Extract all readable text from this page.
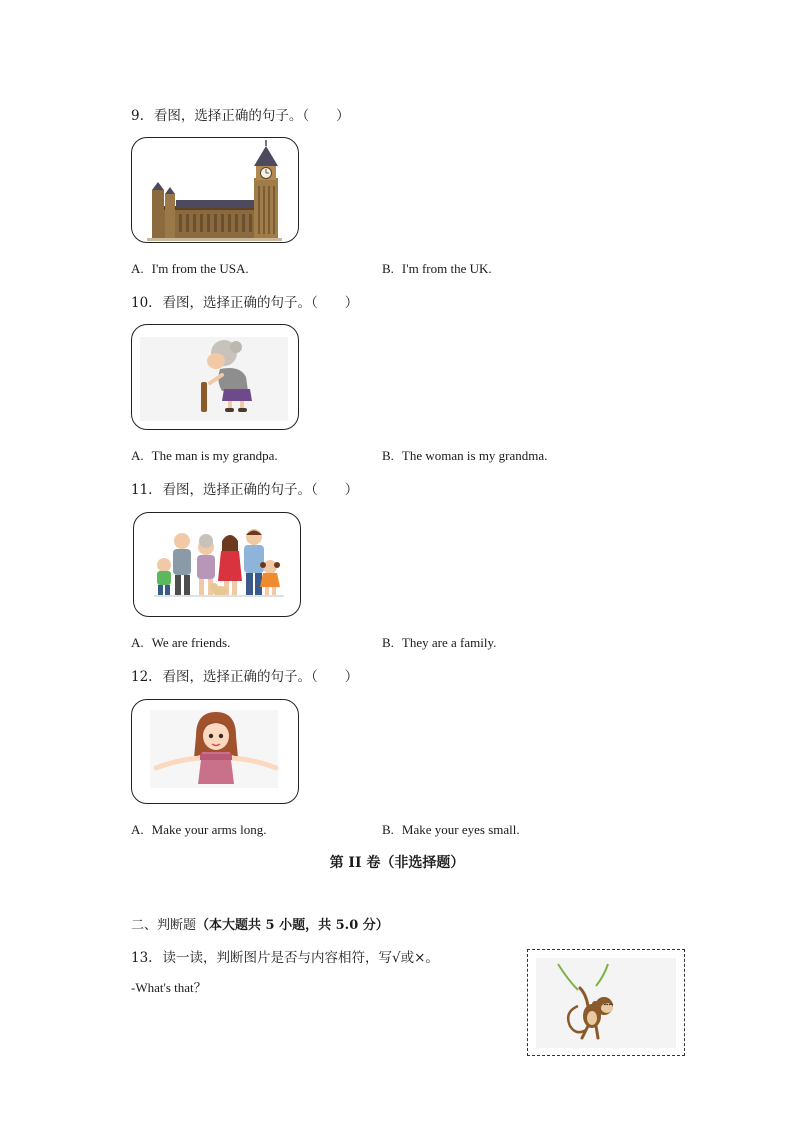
9. 看图，选择正确的句子。（　　）
A. I'm from the USA.	B. I'm from the UK.
10. 看图，选择正确的句子。（　　）
A. The man is my grandpa.	B. The woman is my grandma.
11. 看图，选择正确的句子。（　　）
A. We are friends.	B. They are a family.
12. 看图，选择正确的句子。（　　）
A. Make your arms long.	B. Make your eyes small.
第 II 卷（非选择题）
二、判断题（本大题共 5 小题，共 5.0 分）
13. 读一读，判断图片是否与内容相符，写√或×。
-What's that？
